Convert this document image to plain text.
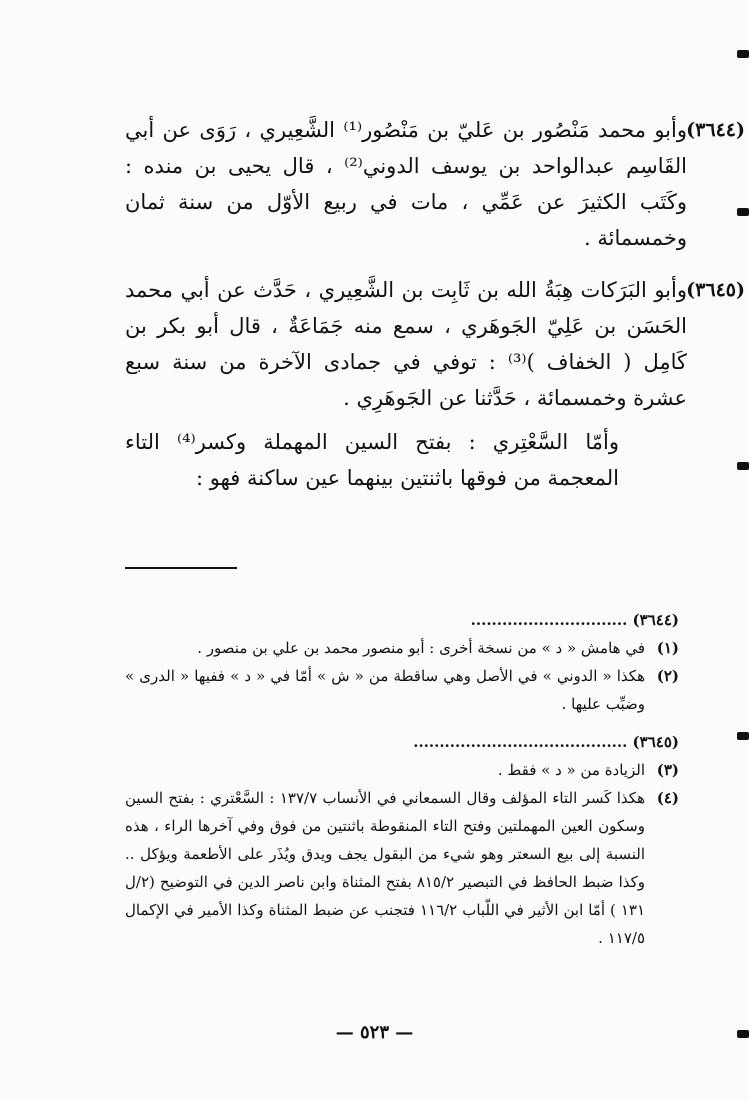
(٣٦٤٤)

وأبو محمد مَنْصُور بن عَليّ بن مَنْصُور⁽¹⁾ الشَّعِيري ، رَوَى عن أبي القَاسِم عبدالواحد بن يوسف الدوني⁽²⁾ ، قال يحيى بن منده : وكَتَب الكثيرَ عن عَمِّي ، مات في ربيع الأوّل من سنة ثمان وخمسمائة .

(٣٦٤٥)

وأبو البَرَكات هِبَةُ الله بن ثَابِت بن الشَّعِيري ، حَدَّث عن أبي محمد الحَسَن بن عَلِيّ الجَوهَري ، سمع منه جَمَاعَةٌ ، قال أبو بكر بن كَامِل ( الخفاف )⁽³⁾ : توفي في جمادى الآخرة من سنة سبع عشرة وخمسمائة ، حَدَّثنا عن الجَوهَرِي .

وأمّا السَّعْتِري : بفتح السين المهملة وكسر⁽⁴⁾ التاء المعجمة من فوقها باثنتين بينهما عين ساكنة فهو :

(٣٦٤٤) ..............................
(١)
في هامش « د » من نسخة أخرى : أبو منصور محمد بن علي بن منصور .
(٢)
هكذا « الدوني » في الأصل وهي ساقطة من « ش » أمّا في « د » ففيها « الدرى » وضبِّب عليها .
(٣٦٤٥) .........................................
(٣)
الزيادة من « د » فقط .
(٤)
هكذا كَسر التاء المؤلف وقال السمعاني في الأنساب ١٣٧/٧ : السَّعْتري : بفتح السين وسكون العين المهملتين وفتح التاء المنقوطة باثنتين من فوق وفي آخرها الراء ، هذه النسبة إلى بيع السعتر وهو شيء من البقول يجف ويدق ويُذَر على الأطعمة ويؤكل .. وكذا ضبط الحافظ في التبصير ٨١٥/٢ بفتح المثناة وابن ناصر الدين في التوضيح (٢/ل ١٣١ ) أمّا ابن الأثير في اللّباب ١١٦/٢ فتجنب عن ضبط المثناة وكذا الأمير في الإكمال ١١٧/٥ .
— ٥٢٣ —
